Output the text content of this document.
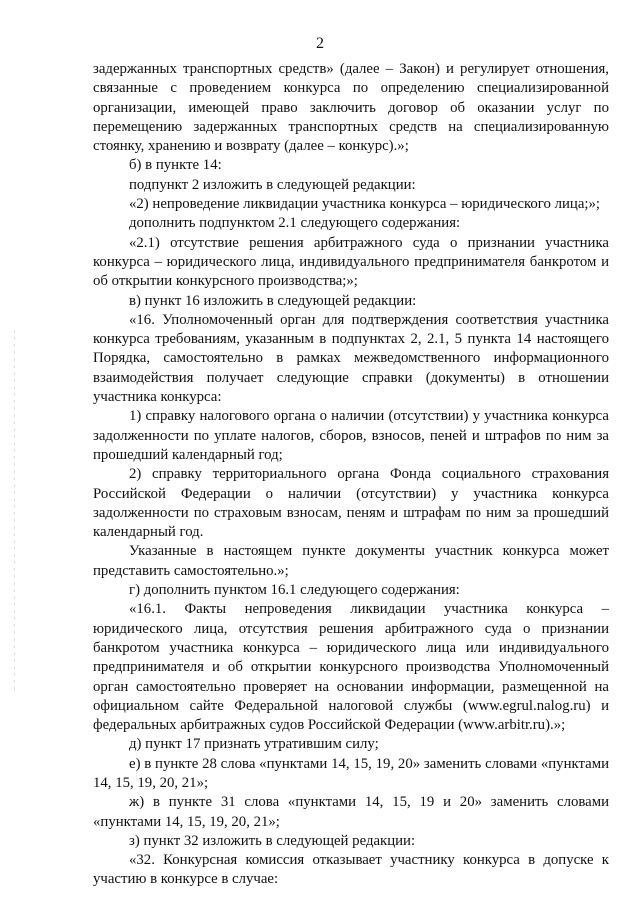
2

задержанных транспортных средств» (далее – Закон) и регулирует отношения, связанные с проведением конкурса по определению специализированной организации, имеющей право заключить договор об оказании услуг по перемещению задержанных транспортных средств на специализированную стоянку, хранению и возврату (далее – конкурс).»;

б) в пункте 14:

подпункт 2 изложить в следующей редакции:

«2) непроведение ликвидации участника конкурса – юридического лица;»;

дополнить подпунктом 2.1 следующего содержания:

«2.1) отсутствие решения арбитражного суда о признании участника конкурса – юридического лица, индивидуального предпринимателя банкротом и об открытии конкурсного производства;»;

в) пункт 16 изложить в следующей редакции:

«16. Уполномоченный орган для подтверждения соответствия участника конкурса требованиям, указанным в подпунктах 2, 2.1, 5 пункта 14 настоящего Порядка, самостоятельно в рамках межведомственного информационного взаимодействия получает следующие справки (документы) в отношении участника конкурса:

1) справку налогового органа о наличии (отсутствии) у участника конкурса задолженности по уплате налогов, сборов, взносов, пеней и штрафов по ним за прошедший календарный год;

2) справку территориального органа Фонда социального страхования Российской Федерации о наличии (отсутствии) у участника конкурса задолженности по страховым взносам, пеням и штрафам по ним за прошедший календарный год.

Указанные в настоящем пункте документы участник конкурса может представить самостоятельно.»;

г) дополнить пунктом 16.1 следующего содержания:

«16.1. Факты непроведения ликвидации участника конкурса – юридического лица, отсутствия решения арбитражного суда о признании банкротом участника конкурса – юридического лица или индивидуального предпринимателя и об открытии конкурсного производства Уполномоченный орган самостоятельно проверяет на основании информации, размещенной на официальном сайте Федеральной налоговой службы (www.egrul.nalog.ru) и федеральных арбитражных судов Российской Федерации (www.arbitr.ru).»;

д) пункт 17 признать утратившим силу;

е) в пункте 28 слова «пунктами 14, 15, 19, 20» заменить словами «пунктами 14, 15, 19, 20, 21»;

ж) в пункте 31 слова «пунктами 14, 15, 19 и 20» заменить словами «пунктами 14, 15, 19, 20, 21»;

з) пункт 32 изложить в следующей редакции:

«32. Конкурсная комиссия отказывает участнику конкурса в допуске к участию в конкурсе в случае:
